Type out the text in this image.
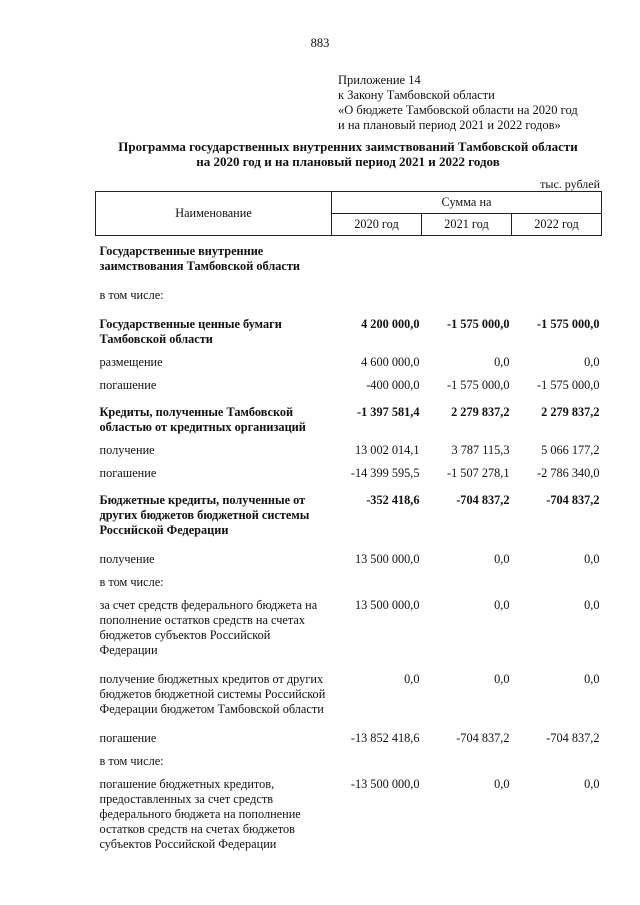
883
Приложение 14
к Закону Тамбовской области
«О бюджете Тамбовской области на 2020 год
и на плановый период 2021 и 2022 годов»
Программа государственных внутренних заимствований Тамбовской области
на 2020 год и на плановый период 2021 и 2022 годов
тыс. рублей
Наименование	Сумма на		
	2020 год	2021 год	2022 год
Государственные внутренние заимствования Тамбовской области			
в том числе:			
Государственные ценные бумаги Тамбовской области	4 200 000,0	-1 575 000,0	-1 575 000,0
размещение	4 600 000,0	0,0	0,0
погашение	-400 000,0	-1 575 000,0	-1 575 000,0
Кредиты, полученные Тамбовской областью от кредитных организаций	-1 397 581,4	2 279 837,2	2 279 837,2
получение	13 002 014,1	3 787 115,3	5 066 177,2
погашение	-14 399 595,5	-1 507 278,1	-2 786 340,0
Бюджетные кредиты, полученные от других бюджетов бюджетной системы Российской Федерации	-352 418,6	-704 837,2	-704 837,2
получение	13 500 000,0	0,0	0,0
в том числе:			
за счет средств федерального бюджета на пополнение остатков средств на счетах бюджетов субъектов Российской Федерации	13 500 000,0	0,0	0,0
получение бюджетных кредитов от других бюджетов бюджетной системы Российской Федерации бюджетом Тамбовской области	0,0	0,0	0,0
погашение	-13 852 418,6	-704 837,2	-704 837,2
в том числе:			
погашение бюджетных кредитов, предоставленных за счет средств федерального бюджета на пополнение остатков средств на счетах бюджетов субъектов Российской Федерации	-13 500 000,0	0,0	0,0
